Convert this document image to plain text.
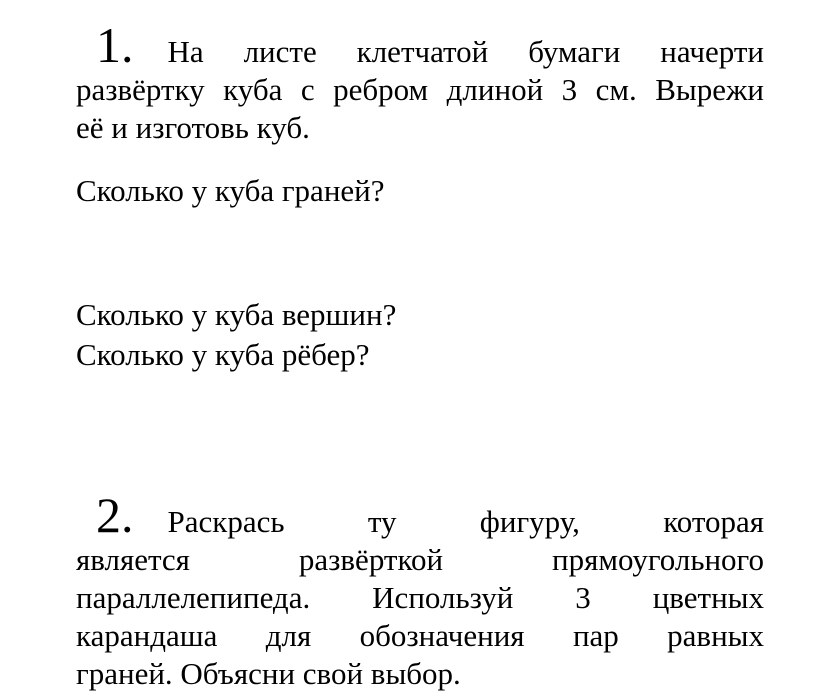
1. На листе клетчатой бумаги начерти
развёртку куба с ребром длиной 3 см. Вырежи
её и изготовь куб.
Сколько у куба граней?
Сколько у куба вершин?
Сколько у куба рёбер?
2. Раскрась ту фигуру, которая
является развёрткой прямоугольного
параллелепипеда. Используй 3 цветных
карандаша для обозначения пар равных
граней. Объясни свой выбор.
